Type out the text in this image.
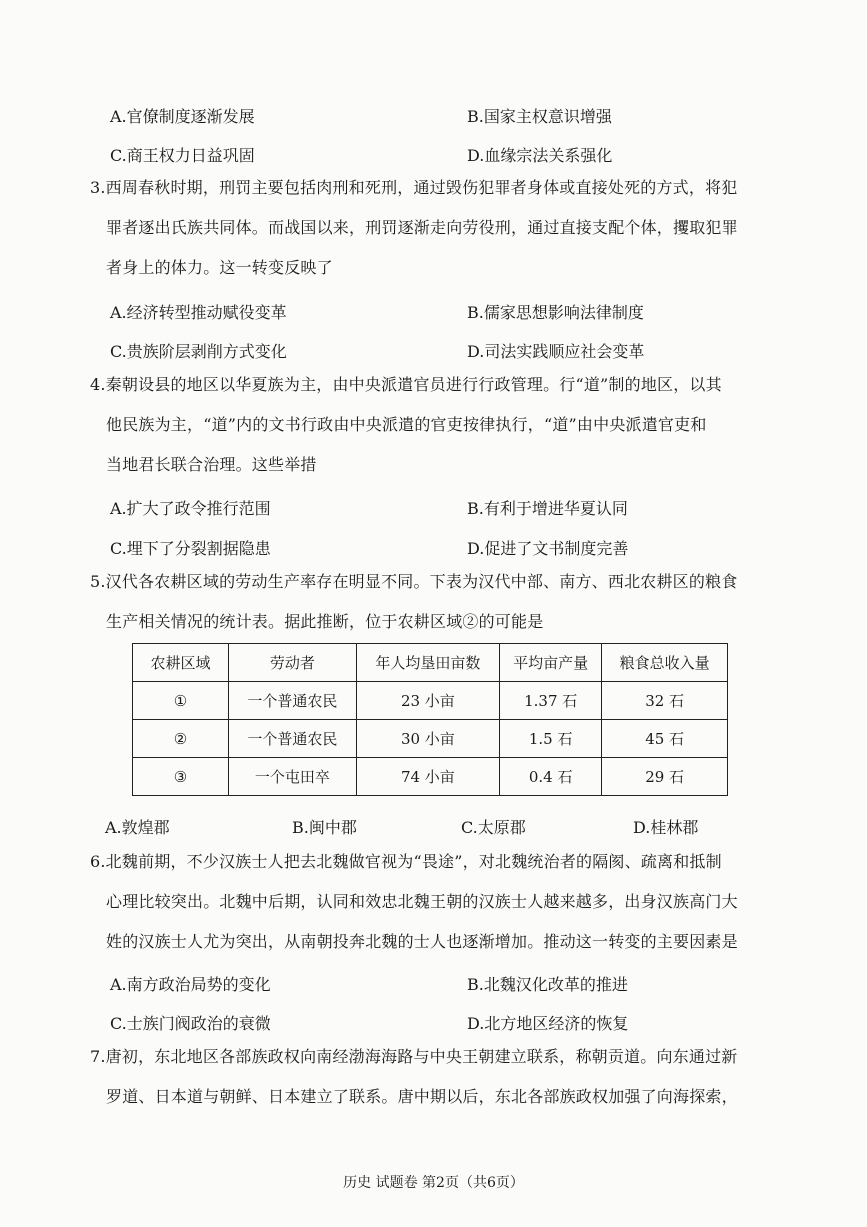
A.官僚制度逐渐发展	B.国家主权意识增强
C.商王权力日益巩固	D.血缘宗法关系强化
3.西周春秋时期，刑罚主要包括肉刑和死刑，通过毁伤犯罪者身体或直接处死的方式，将犯
罪者逐出氏族共同体。而战国以来，刑罚逐渐走向劳役刑，通过直接支配个体，攫取犯罪
者身上的体力。这一转变反映了
A.经济转型推动赋役变革	B.儒家思想影响法律制度
C.贵族阶层剥削方式变化	D.司法实践顺应社会变革
4.秦朝设县的地区以华夏族为主，由中央派遣官员进行行政管理。行“道”制的地区，以其
他民族为主，“道”内的文书行政由中央派遣的官吏按律执行，“道”由中央派遣官吏和
当地君长联合治理。这些举措
A.扩大了政令推行范围	B.有利于增进华夏认同
C.埋下了分裂割据隐患	D.促进了文书制度完善
5.汉代各农耕区域的劳动生产率存在明显不同。下表为汉代中部、南方、西北农耕区的粮食
生产相关情况的统计表。据此推断，位于农耕区域②的可能是
农耕区域	劳动者	年人均垦田亩数	平均亩产量	粮食总收入量
①	一个普通农民	23 小亩	1.37 石	32 石
②	一个普通农民	30 小亩	1.5 石	45 石
③	一个屯田卒	74 小亩	0.4 石	29 石
A.敦煌郡	B.闽中郡	C.太原郡	D.桂林郡
6.北魏前期，不少汉族士人把去北魏做官视为“畏途”，对北魏统治者的隔阂、疏离和抵制
心理比较突出。北魏中后期，认同和效忠北魏王朝的汉族士人越来越多，出身汉族高门大
姓的汉族士人尤为突出，从南朝投奔北魏的士人也逐渐增加。推动这一转变的主要因素是
A.南方政治局势的变化	B.北魏汉化改革的推进
C.士族门阀政治的衰微	D.北方地区经济的恢复
7.唐初，东北地区各部族政权向南经渤海海路与中央王朝建立联系，称朝贡道。向东通过新
罗道、日本道与朝鲜、日本建立了联系。唐中期以后，东北各部族政权加强了向海探索，
历史 试题卷 第2页（共6页）
